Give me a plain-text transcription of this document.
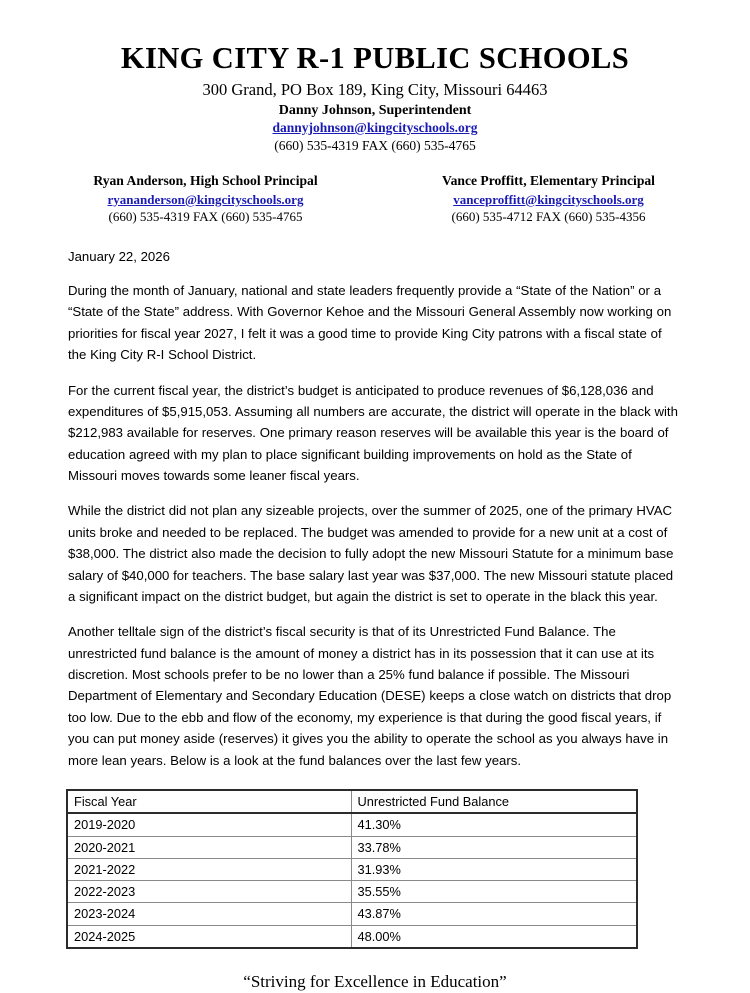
KING CITY R-1 PUBLIC SCHOOLS
300 Grand, PO Box 189, King City, Missouri 64463
Danny Johnson, Superintendent
dannyjohnson@kingcityschools.org
(660) 535-4319 FAX (660) 535-4765
Ryan Anderson, High School Principal
ryananderson@kingcityschools.org
(660) 535-4319 FAX (660) 535-4765
Vance Proffitt, Elementary Principal
vanceproffitt@kingcityschools.org
(660) 535-4712 FAX (660) 535-4356
January 22, 2026

During the month of January, national and state leaders frequently provide a “State of the Nation” or a “State of the State” address. With Governor Kehoe and the Missouri General Assembly now working on priorities for fiscal year 2027, I felt it was a good time to provide King City patrons with a fiscal state of the King City R-I School District.

For the current fiscal year, the district’s budget is anticipated to produce revenues of $6,128,036 and expenditures of $5,915,053. Assuming all numbers are accurate, the district will operate in the black with $212,983 available for reserves. One primary reason reserves will be available this year is the board of education agreed with my plan to place significant building improvements on hold as the State of Missouri moves towards some leaner fiscal years.

While the district did not plan any sizeable projects, over the summer of 2025, one of the primary HVAC units broke and needed to be replaced. The budget was amended to provide for a new unit at a cost of $38,000. The district also made the decision to fully adopt the new Missouri Statute for a minimum base salary of $40,000 for teachers. The base salary last year was $37,000. The new Missouri statute placed a significant impact on the district budget, but again the district is set to operate in the black this year.

Another telltale sign of the district’s fiscal security is that of its Unrestricted Fund Balance. The unrestricted fund balance is the amount of money a district has in its possession that it can use at its discretion. Most schools prefer to be no lower than a 25% fund balance if possible. The Missouri Department of Elementary and Secondary Education (DESE) keeps a close watch on districts that drop too low. Due to the ebb and flow of the economy, my experience is that during the good fiscal years, if you can put money aside (reserves) it gives you the ability to operate the school as you always have in more lean years. Below is a look at the fund balances over the last few years.

Fiscal Year	Unrestricted Fund Balance
2019-2020	41.30%
2020-2021	33.78%
2021-2022	31.93%
2022-2023	35.55%
2023-2024	43.87%
2024-2025	48.00%
“Striving for Excellence in Education”
